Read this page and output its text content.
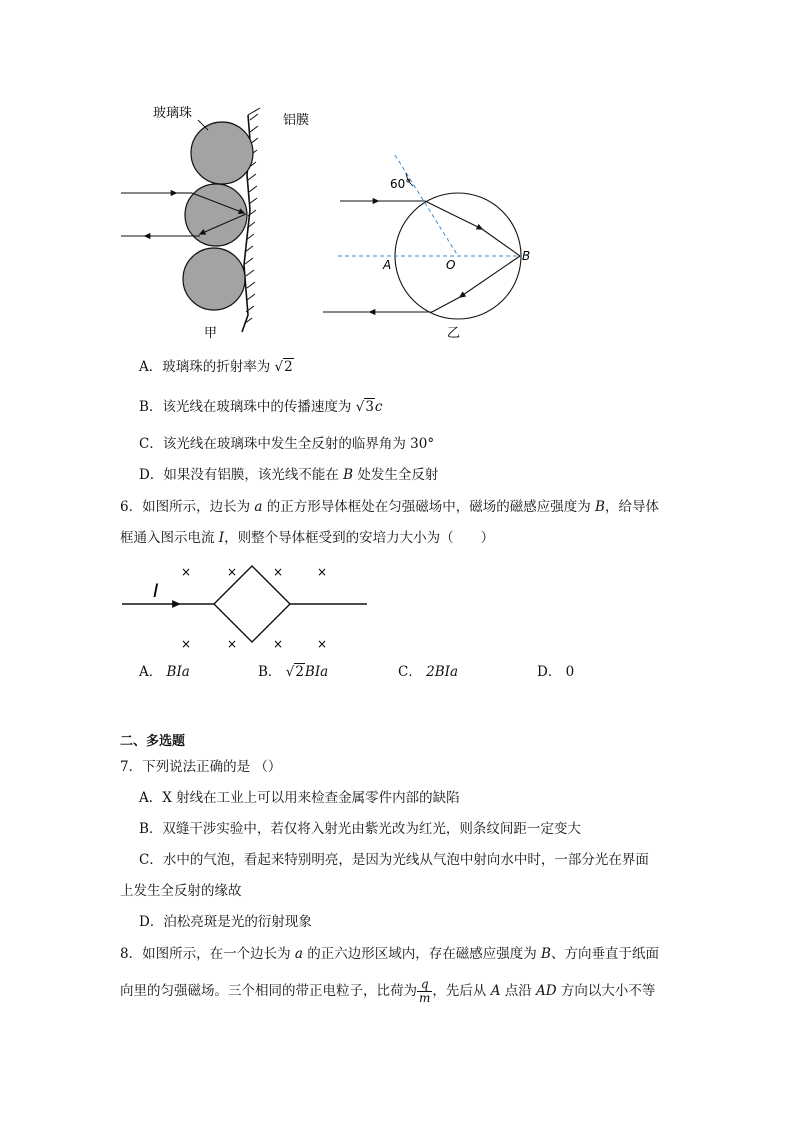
玻璃珠	铝膜
甲
60°
A	O
B
乙
A．玻璃珠的折射率为 √2
B．该光线在玻璃珠中的传播速度为 √3c
C．该光线在玻璃珠中发生全反射的临界角为 30°
D．如果没有铝膜，该光线不能在 B 处发生全反射
6．如图所示，边长为 a 的正方形导体框处在匀强磁场中，磁场的磁感应强度为 B，给导体
框通入图示电流 I，则整个导体框受到的安培力大小为（　　）
I
×	×	×	×
×	×	×	×
A． BIa	B． √2BIa	C． 2BIa	D． 0
二、多选题
7．下列说法正确的是 （）
A．X 射线在工业上可以用来检查金属零件内部的缺陷
B．双缝干涉实验中，若仅将入射光由紫光改为红光，则条纹间距一定变大
C．水中的气泡，看起来特别明亮，是因为光线从气泡中射向水中时，一部分光在界面
上发生全反射的缘故
D．泊松亮斑是光的衍射现象
8．如图所示，在一个边长为 a 的正六边形区域内，存在磁感应强度为 B、方向垂直于纸面
向里的匀强磁场。三个相同的带正电粒子，比荷为 $\frac{q}{m}$ ，先后从 A 点沿 AD 方向以大小不等
